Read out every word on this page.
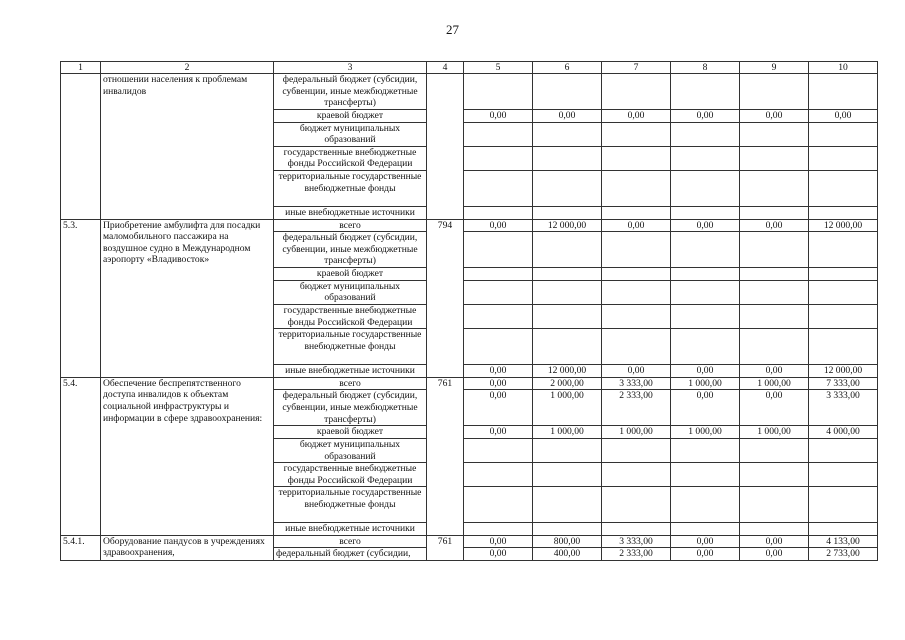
27
1	2	3	4	5	6	7	8	9	10
	отношении населения к проблемам инвалидов	федеральный бюджет (субсидии, субвенции, иные межбюджетные трансферты)							
		краевой бюджет		0,00	0,00	0,00	0,00	0,00	0,00
		бюджет муниципальных образований							
		государственные внебюджетные фонды Российской Федерации							
		территориальные государственные внебюджетные фонды							
		иные внебюджетные источники							
5.3.	Приобретение амбулифта для посадки маломобильного пассажира на воздушное судно в Международном аэропорту «Владивосток»	всего	794	0,00	12 000,00	0,00	0,00	0,00	12 000,00
		федеральный бюджет (субсидии, субвенции, иные межбюджетные трансферты)							
		краевой бюджет							
		бюджет муниципальных образований							
		государственные внебюджетные фонды Российской Федерации							
		территориальные государственные внебюджетные фонды							
		иные внебюджетные источники		0,00	12 000,00	0,00	0,00	0,00	12 000,00
5.4.	Обеспечение беспрепятственного доступа инвалидов к объектам социальной инфраструктуры и информации в сфере здравоохранения:	всего	761	0,00	2 000,00	3 333,00	1 000,00	1 000,00	7 333,00
		федеральный бюджет (субсидии, субвенции, иные межбюджетные трансферты)		0,00	1 000,00	2 333,00	0,00	0,00	3 333,00
		краевой бюджет		0,00	1 000,00	1 000,00	1 000,00	1 000,00	4 000,00
		бюджет муниципальных образований							
		государственные внебюджетные фонды Российской Федерации							
		территориальные государственные внебюджетные фонды							
		иные внебюджетные источники							
5.4.1.	Оборудование пандусов в учреждениях здравоохранения,	всего	761	0,00	800,00	3 333,00	0,00	0,00	4 133,00
		федеральный бюджет (субсидии,		0,00	400,00	2 333,00	0,00	0,00	2 733,00
